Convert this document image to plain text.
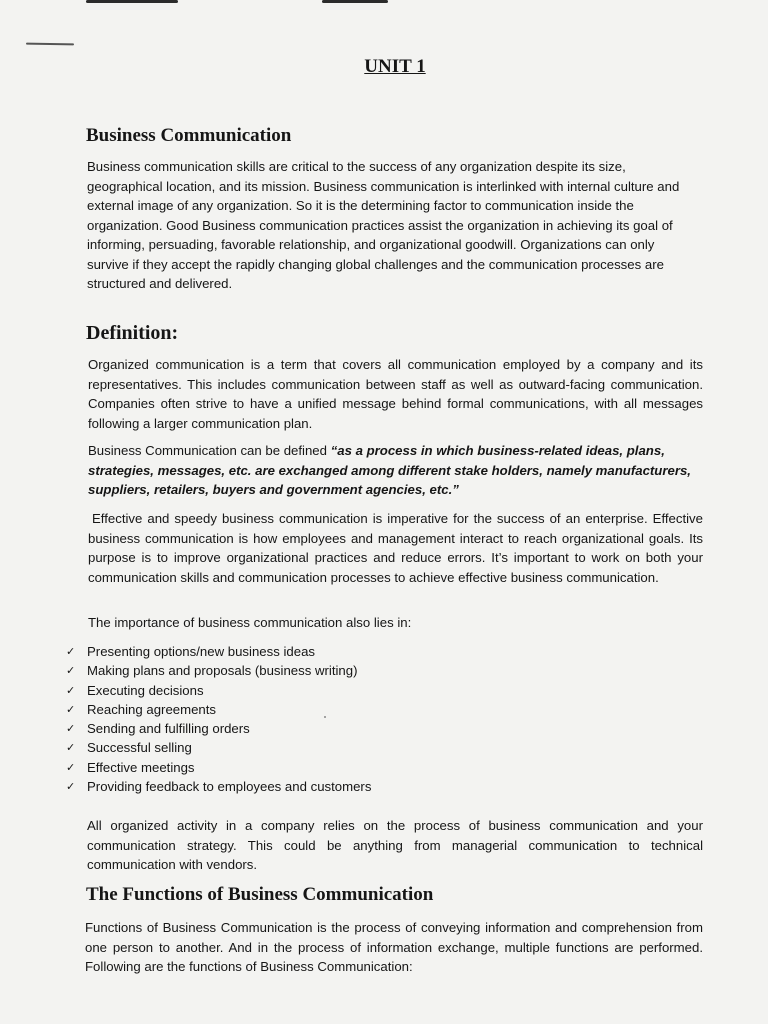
UNIT 1
Business Communication

Business communication skills are critical to the success of any organization despite its size, geographical location, and its mission. Business communication is interlinked with internal culture and external image of any organization. So it is the determining factor to communication inside the organization. Good Business communication practices assist the organization in achieving its goal of informing, persuading, favorable relationship, and organizational goodwill. Organizations can only survive if they accept the rapidly changing global challenges and the communication processes are structured and delivered.

Definition:

Organized communication is a term that covers all communication employed by a company and its representatives. This includes communication between staff as well as outward-facing communication. Companies often strive to have a unified message behind formal communications, with all messages following a larger communication plan.

Business Communication can be defined “as a process in which business-related ideas, plans, strategies, messages, etc. are exchanged among different stake holders, namely manufacturers, suppliers, retailers, buyers and government agencies, etc.”

Effective and speedy business communication is imperative for the success of an enterprise. Effective business communication is how employees and management interact to reach organizational goals. Its purpose is to improve organizational practices and reduce errors. It’s important to work on both your communication skills and communication processes to achieve effective business communication.

The importance of business communication also lies in:

✓ Presenting options/new business ideas
✓ Making plans and proposals (business writing)
✓ Executing decisions
✓ Reaching agreements
✓ Sending and fulfilling orders
✓ Successful selling
✓ Effective meetings
✓ Providing feedback to employees and customers

All organized activity in a company relies on the process of business communication and your communication strategy. This could be anything from managerial communication to technical communication with vendors.

The Functions of Business Communication

Functions of Business Communication is the process of conveying information and comprehension from one person to another. And in the process of information exchange, multiple functions are performed. Following are the functions of Business Communication:
